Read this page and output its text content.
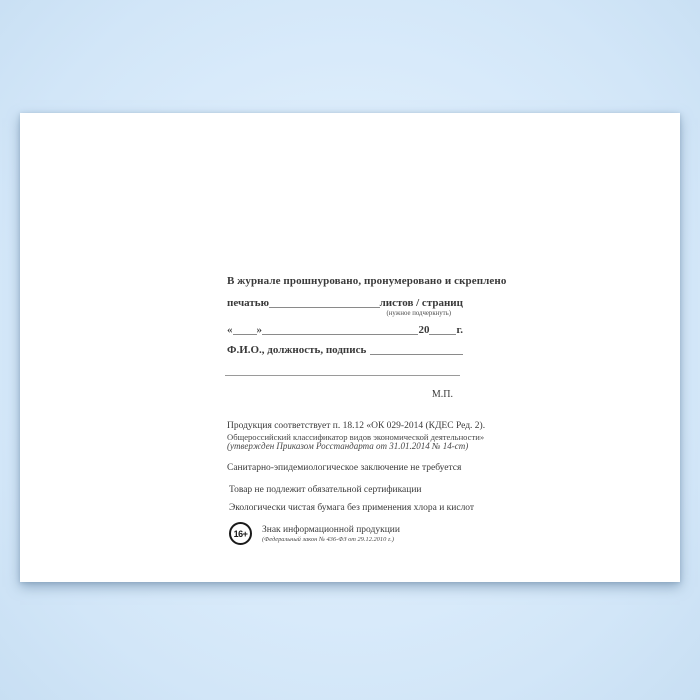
В журнале прошнуровано, пронумеровано и скреплено
печатью	листов / страниц
(нужное подчеркнуть)
« »	20 г.
Ф.И.О., должность, подпись
М.П.
Продукция соответствует п. 18.12 «ОК 029-2014 (КДЕС Ред. 2).
Общероссийский классификатор видов экономической деятельности»
(утвержден Приказом Росстандарта от 31.01.2014 № 14-ст)
Санитарно-эпидемиологическое заключение не требуется
Товар не подлежит обязательной сертификации
Экологически чистая бумага без применения хлора и кислот
16+	Знак информационной продукции
(Федеральный закон № 436-ФЗ от 29.12.2010 г.)
